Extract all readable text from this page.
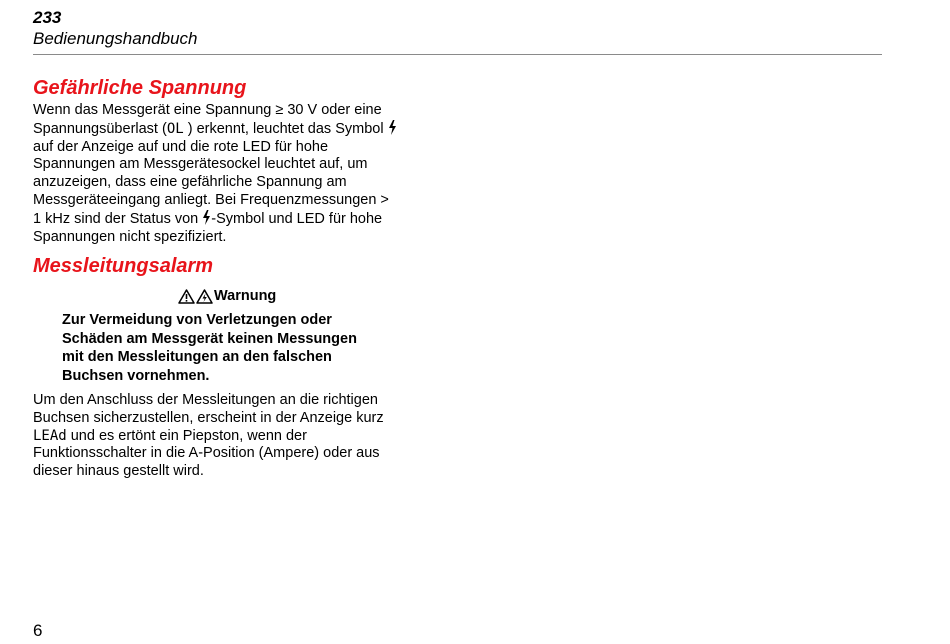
233
Bedienungshandbuch
Gefährliche Spannung
Wenn das Messgerät eine Spannung ≥ 30 V oder eine
Spannungsüberlast (OL ) erkennt, leuchtet das Symbol
auf der Anzeige auf und die rote LED für hohe
Spannungen am Messgerätesockel leuchtet auf, um
anzuzeigen, dass eine gefährliche Spannung am
Messgeräteeingang anliegt. Bei Frequenzmessungen >
1 kHz sind der Status von -Symbol und LED für hohe
Spannungen nicht spezifiziert.
Messleitungsalarm
Warnung
Zur Vermeidung von Verletzungen oder
Schäden am Messgerät keinen Messungen
mit den Messleitungen an den falschen
Buchsen vornehmen.
Um den Anschluss der Messleitungen an die richtigen
Buchsen sicherzustellen, erscheint in der Anzeige kurz
LEAd und es ertönt ein Piepston, wenn der
Funktionsschalter in die A-Position (Ampere) oder aus
dieser hinaus gestellt wird.
6
